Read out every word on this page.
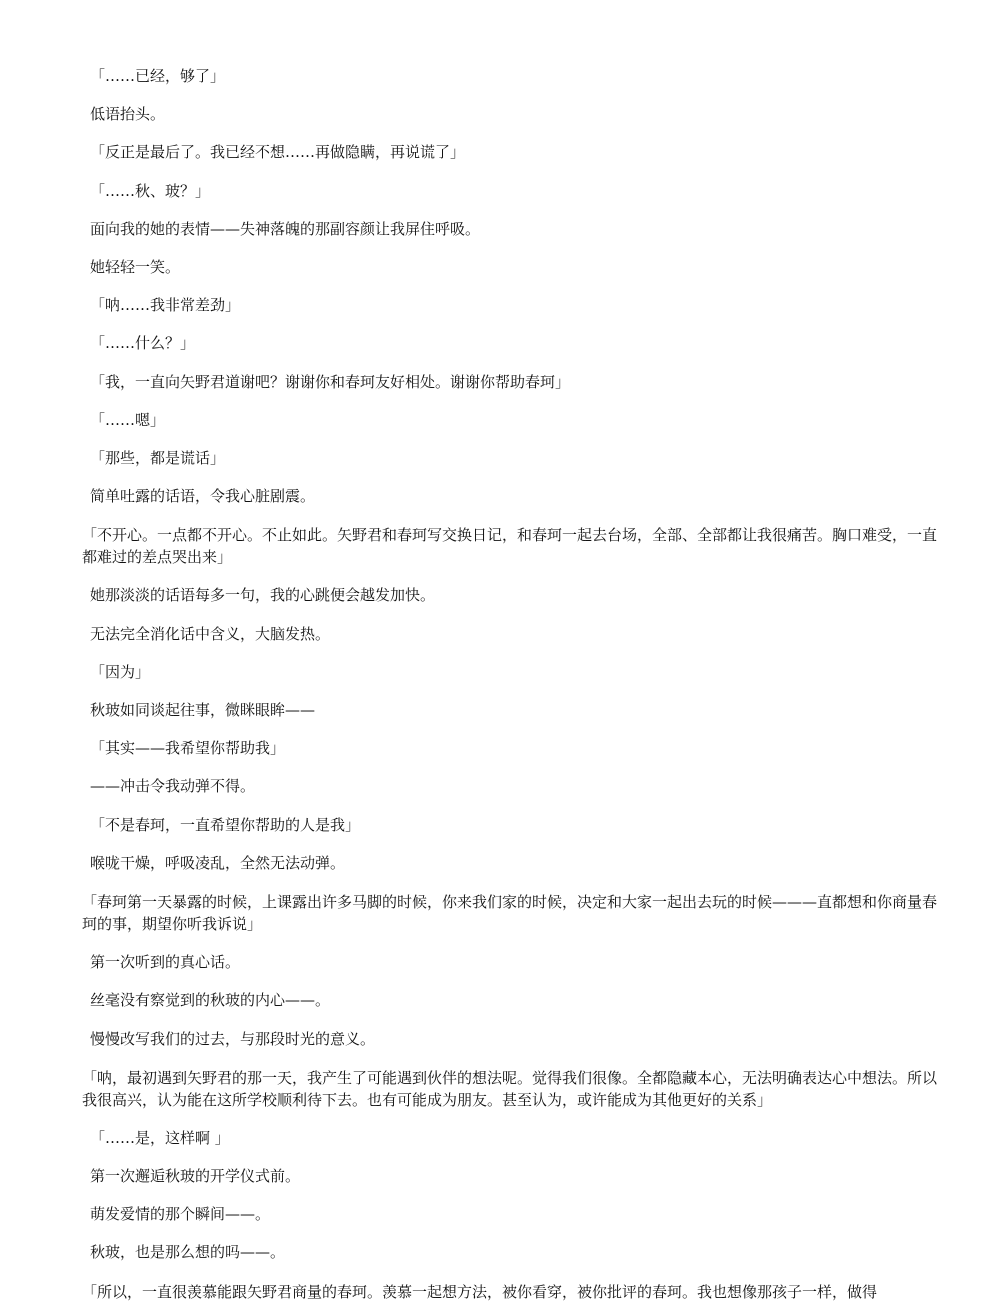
「……已经，够了」

低语抬头。

「反正是最后了。我已经不想……再做隐瞒，再说谎了」

「……秋、玻？」

面向我的她的表情——失神落魄的那副容颜让我屏住呼吸。

她轻轻一笑。

「呐……我非常差劲」

「……什么？」

「我，一直向矢野君道谢吧？谢谢你和春珂友好相处。谢谢你帮助春珂」

「……嗯」

「那些，都是谎话」

简单吐露的话语，令我心脏剧震。

「不开心。一点都不开心。不止如此。矢野君和春珂写交换日记，和春珂一起去台场，全部、全部都让我很痛苦。胸口难受，一直都难过的差点哭出来」

她那淡淡的话语每多一句，我的心跳便会越发加快。

无法完全消化话中含义，大脑发热。

「因为」

秋玻如同谈起往事，微眯眼眸——

「其实——我希望你帮助我」

——冲击令我动弹不得。

「不是春珂，一直希望你帮助的人是我」

喉咙干燥，呼吸凌乱，全然无法动弹。

「春珂第一天暴露的时候，上课露出许多马脚的时候，你来我们家的时候，决定和大家一起出去玩的时候———直都想和你商量春珂的事，期望你听我诉说」

第一次听到的真心话。

丝毫没有察觉到的秋玻的内心——。

慢慢改写我们的过去，与那段时光的意义。

「呐，最初遇到矢野君的那一天，我产生了可能遇到伙伴的想法呢。觉得我们很像。全都隐藏本心，无法明确表达心中想法。所以我很高兴，认为能在这所学校顺利待下去。也有可能成为朋友。甚至认为，或许能成为其他更好的关系」

「……是，这样啊 」

第一次邂逅秋玻的开学仪式前。

萌发爱情的那个瞬间——。

秋玻，也是那么想的吗——。

「所以，一直很羡慕能跟矢野君商量的春珂。羡慕一起想方法，被你看穿，被你批评的春珂。我也想像那孩子一样，做得
